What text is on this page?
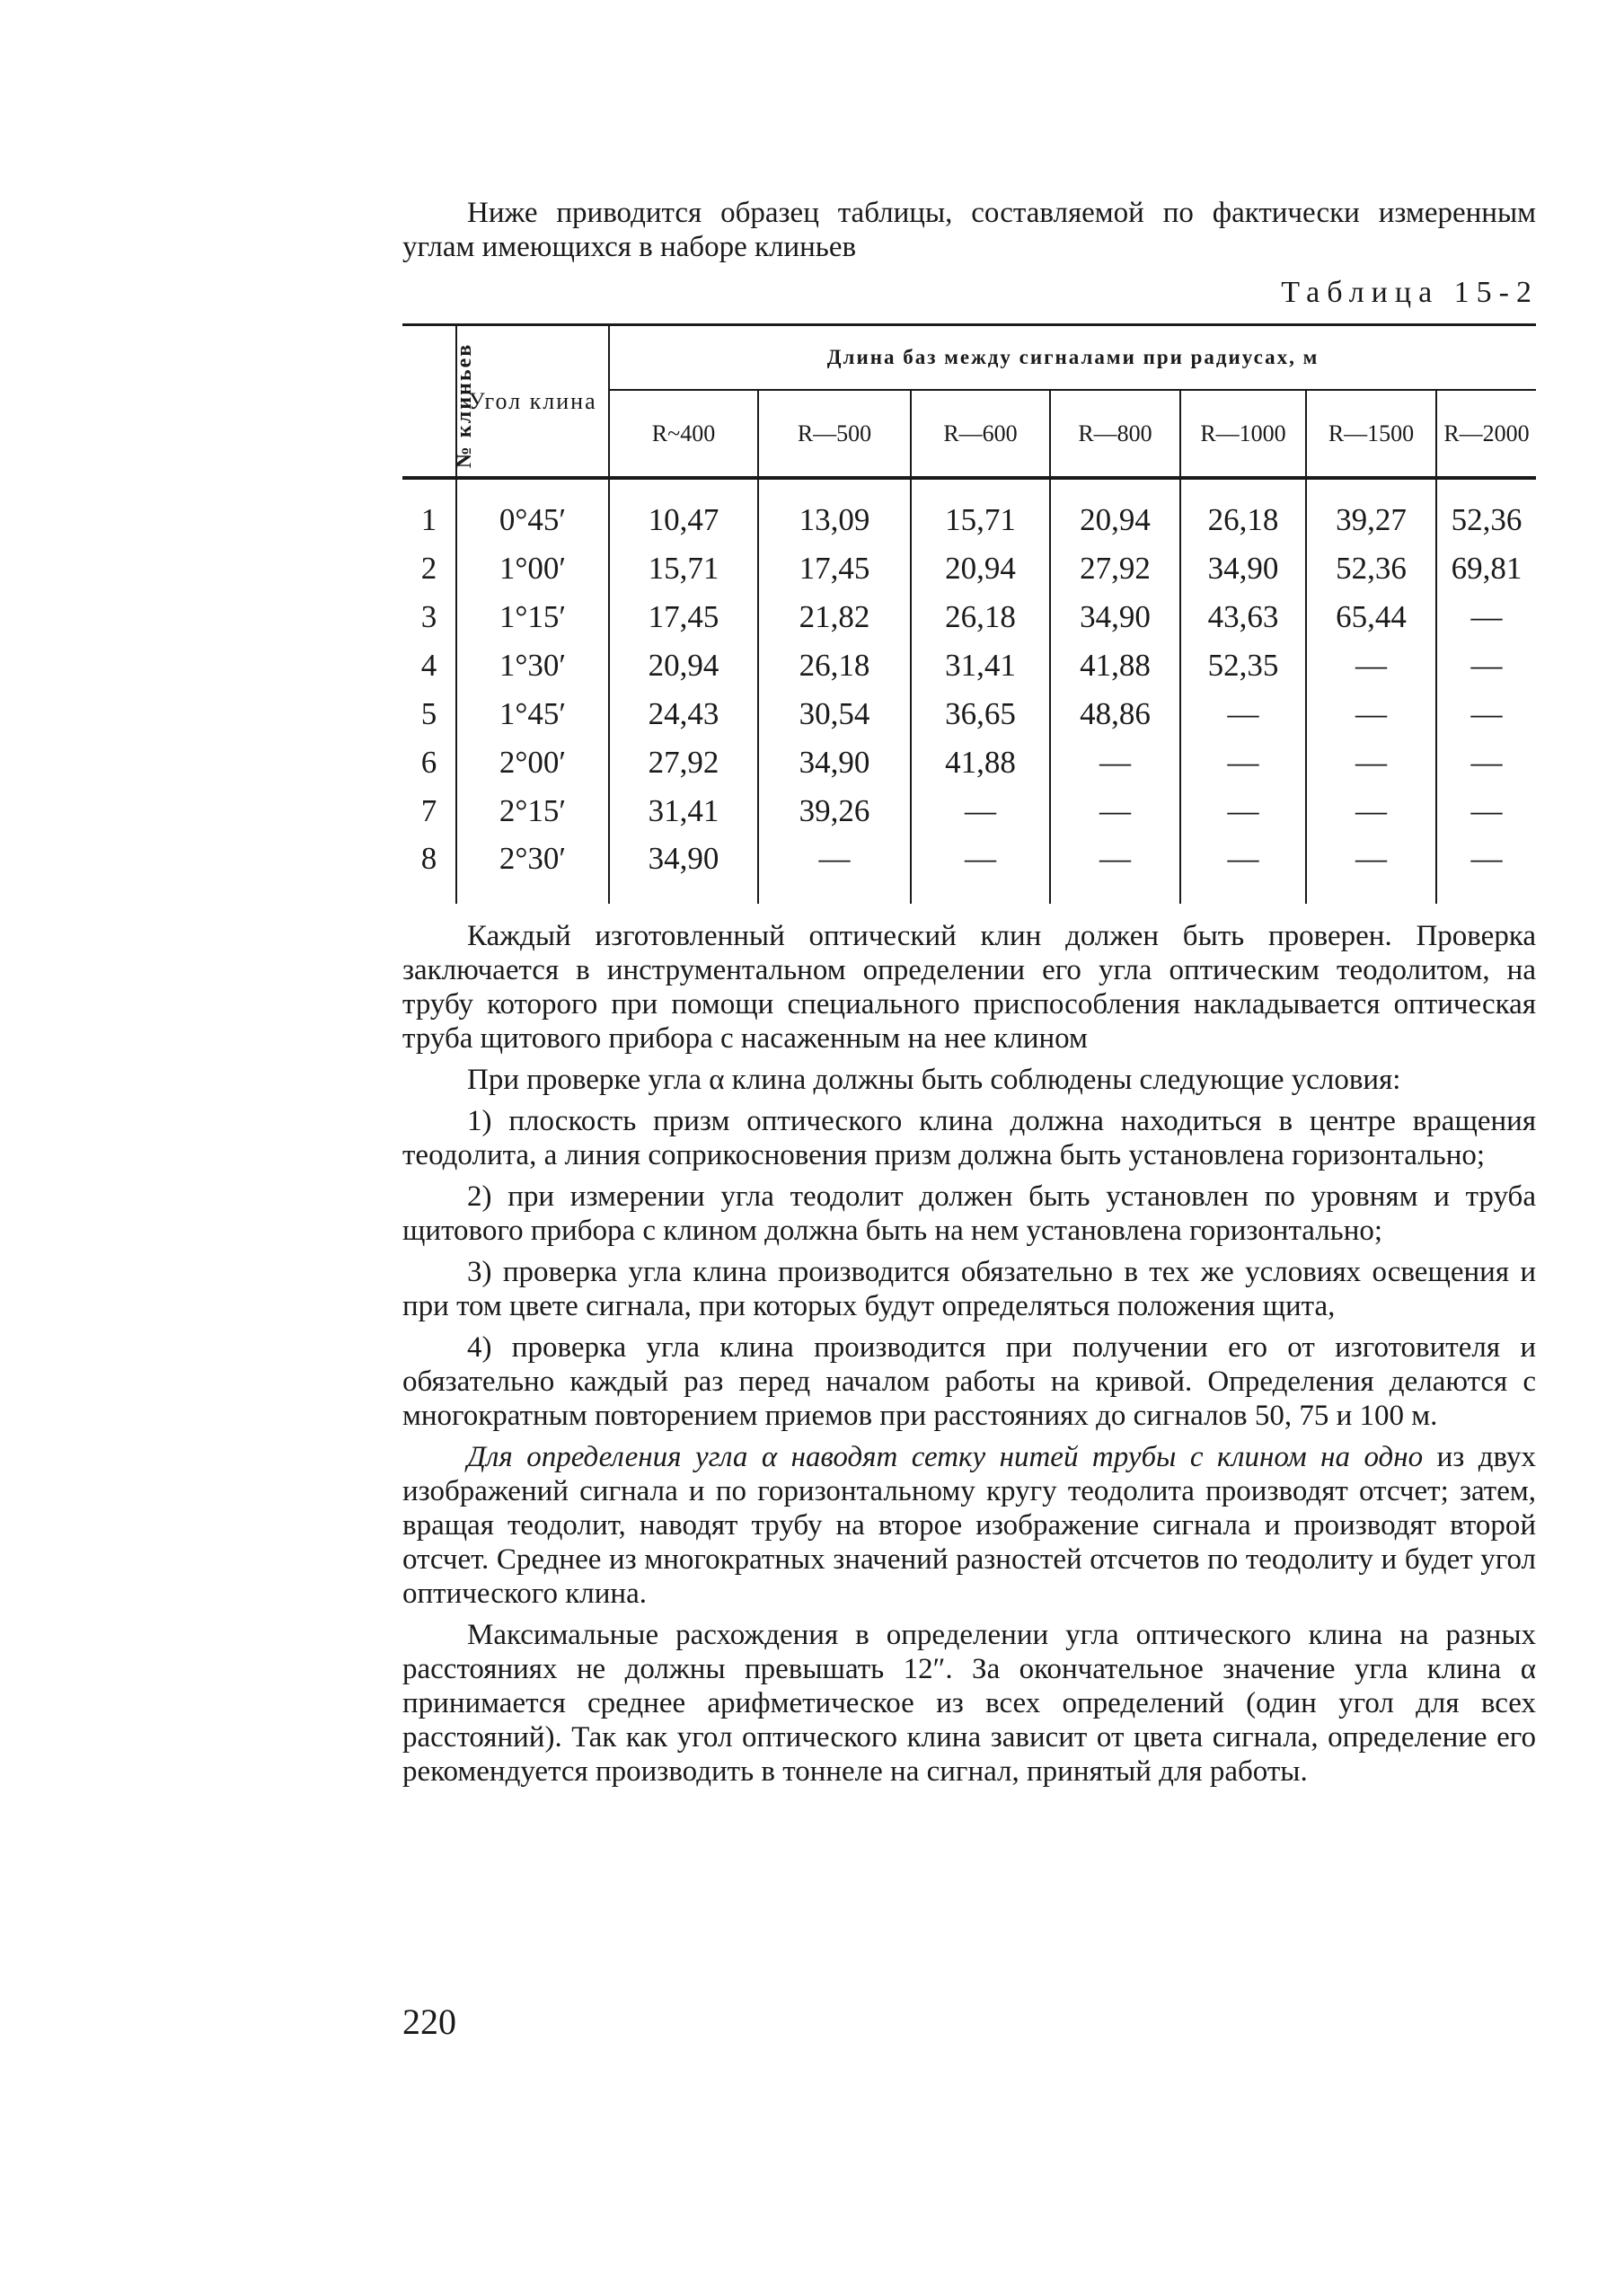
Ниже приводится образец таблицы, составляемой по фактически измеренным углам имеющихся в наборе клиньев

Таблица 15-2

№ клиньев	Угол клина	Длина баз между сигналами при радиусах, м						
		R~400	R—500	R—600	R—800	R—1000	R—1500	R—2000
1	0°45′	10,47	13,09	15,71	20,94	26,18	39,27	52,36
2	1°00′	15,71	17,45	20,94	27,92	34,90	52,36	69,81
3	1°15′	17,45	21,82	26,18	34,90	43,63	65,44	—
4	1°30′	20,94	26,18	31,41	41,88	52,35	—	—
5	1°45′	24,43	30,54	36,65	48,86	—	—	—
6	2°00′	27,92	34,90	41,88	—	—	—	—
7	2°15′	31,41	39,26	—	—	—	—	—
8	2°30′	34,90	—	—	—	—	—	—

Каждый изготовленный оптический клин должен быть проверен. Проверка заключается в инструментальном определении его угла оптическим теодолитом, на трубу которого при помощи специального приспособления накладывается оптическая труба щитового прибора с насаженным на нее клином

При проверке угла α клина должны быть соблюдены следующие условия:

1) плоскость призм оптического клина должна находиться в центре вращения теодолита, а линия соприкосновения призм должна быть установлена горизонтально;

2) при измерении угла теодолит должен быть установлен по уровням и труба щитового прибора с клином должна быть на нем установлена горизонтально;

3) проверка угла клина производится обязательно в тех же условиях освещения и при том цвете сигнала, при которых будут определяться положения щита,

4) проверка угла клина производится при получении его от изготовителя и обязательно каждый раз перед началом работы на кривой. Определения делаются с многократным повторением приемов при расстояниях до сигналов 50, 75 и 100 м.

Для определения угла α наводят сетку нитей трубы с клином на одно из двух изображений сигнала и по горизонтальному кругу теодолита производят отсчет; затем, вращая теодолит, наводят трубу на второе изображение сигнала и производят второй отсчет. Среднее из многократных значений разностей отсчетов по теодолиту и будет угол оптического клина.

Максимальные расхождения в определении угла оптического клина на разных расстояниях не должны превышать 12″. За окончательное значение угла клина α принимается среднее арифметическое из всех определений (один угол для всех расстояний). Так как угол оптического клина зависит от цвета сигнала, определение его рекомендуется производить в тоннеле на сигнал, принятый для работы.

220
